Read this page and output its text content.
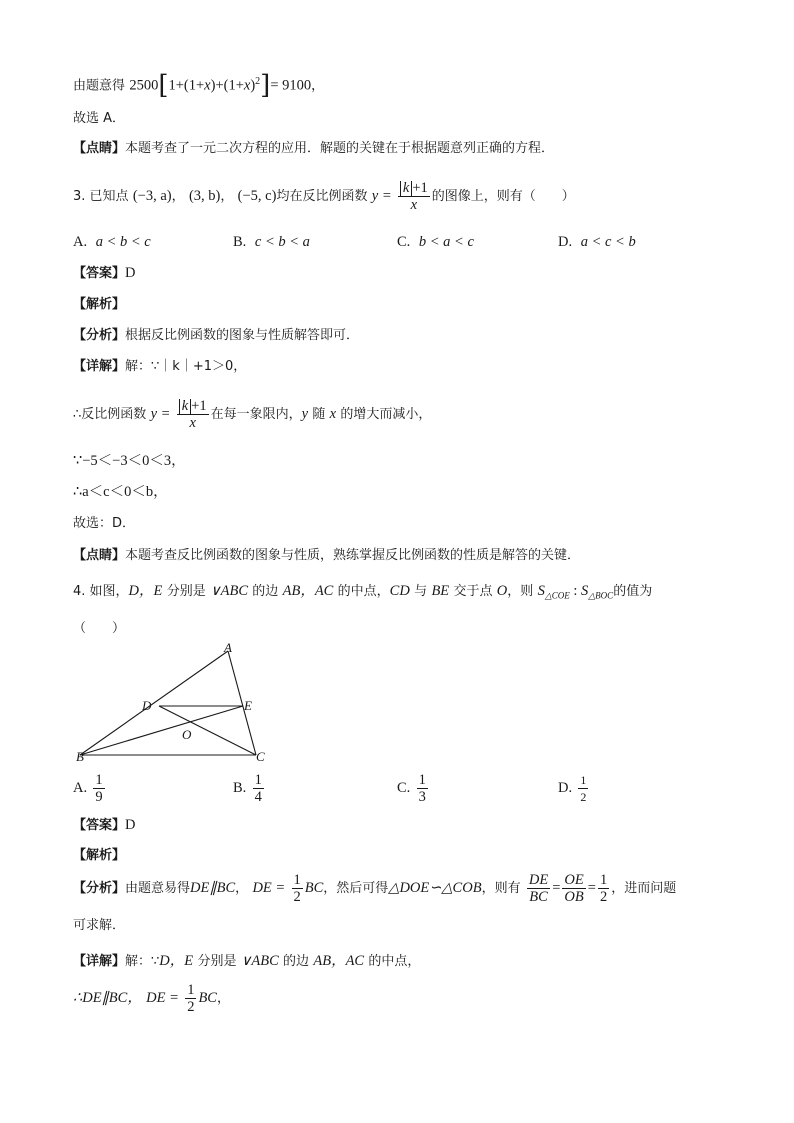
由题意得 $2500[1+(1+x)+(1+x)^2]= 9100$，
故选 A．
【点睛】本题考查了一元二次方程的应用．解题的关键在于根据题意列正确的方程．
3. 已知点 (−3, a)， (3, b)， (−5, c)均在反比例函数 $y = \frac{k +1}{x}$ 的图像上，则有（　　）
A. a < b < c	B. c < b < a	C. b < a < c	D. a < c < b
【答案】D
【解析】
【分析】根据反比例函数的图象与性质解答即可．
【详解】解：∵｜k｜+1＞0，
∴反比例函数 $y = \frac{k +1}{x}$ 在每一象限内，y 随 x 的增大而减小，
∵−5＜−3＜0＜3，
∴a＜c＜0＜b，
故选：D．
【点睛】本题考查反比例函数的图象与性质，熟练掌握反比例函数的性质是解答的关键．
4. 如图，D，E 分别是 ∨ABC 的边 AB，AC 的中点，CD 与 BE 交于点 O，则 $S_{\triangle COE}$ : $S_{\triangle BOC}$的值为
（　　）
A
B	C
D	E
O
A. $\frac{1}{9}$	B. $\frac{1}{4}$	C. $\frac{1}{3}$	D. $\frac{1}{2}$
【答案】D
【解析】
【分析】由题意易得DE∥BC， DE = $\frac{1}{2}$ BC，然后可得△DOE∽△COB，则有 $\frac{DE}{BC} = \frac{OE}{OB} = \frac{1}{2}$ ，进而问题
可求解．
【详解】解：∵D，E 分别是 ∨ABC 的边 AB，AC 的中点，
∴DE∥BC， DE = $\frac{1}{2}$ BC，
